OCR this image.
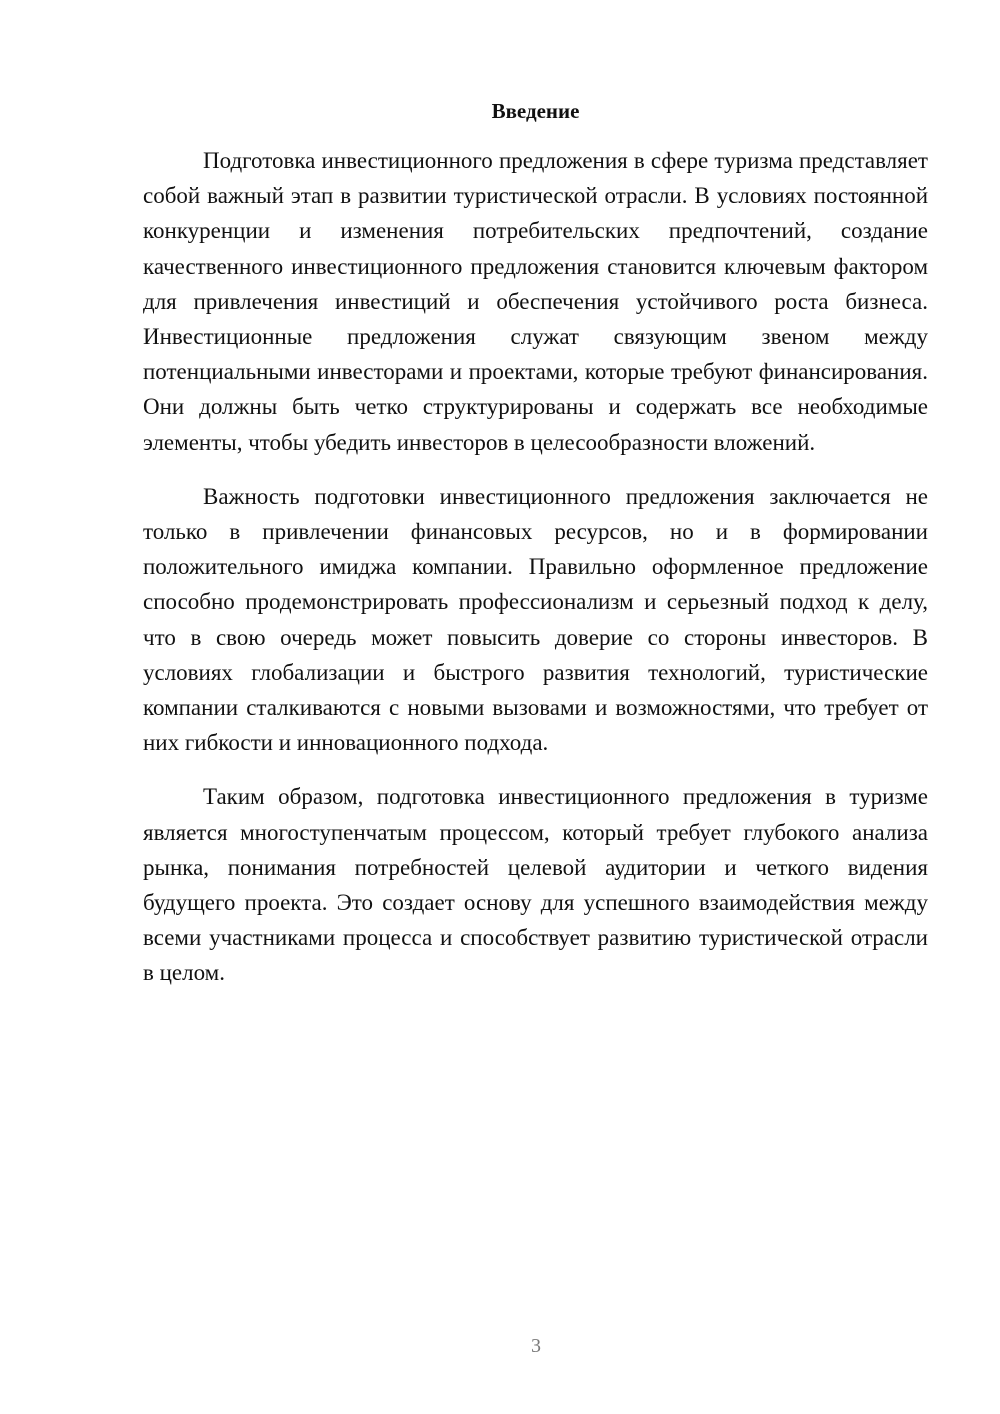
Введение

Подготовка инвестиционного предложения в сфере туризма представляет собой важный этап в развитии туристической отрасли. В условиях постоянной конкуренции и изменения потребительских предпочтений, создание качественного инвестиционного предложения становится ключевым фактором для привлечения инвестиций и обеспечения устойчивого роста бизнеса. Инвестиционные предложения служат связующим звеном между потенциальными инвесторами и проектами, которые требуют финансирования. Они должны быть четко структурированы и содержать все необходимые элементы, чтобы убедить инвесторов в целесообразности вложений.

Важность подготовки инвестиционного предложения заключается не только в привлечении финансовых ресурсов, но и в формировании положительного имиджа компании. Правильно оформленное предложение способно продемонстрировать профессионализм и серьезный подход к делу, что в свою очередь может повысить доверие со стороны инвесторов. В условиях глобализации и быстрого развития технологий, туристические компании сталкиваются с новыми вызовами и возможностями, что требует от них гибкости и инновационного подхода.

Таким образом, подготовка инвестиционного предложения в туризме является многоступенчатым процессом, который требует глубокого анализа рынка, понимания потребностей целевой аудитории и четкого видения будущего проекта. Это создает основу для успешного взаимодействия между всеми участниками процесса и способствует развитию туристической отрасли в целом.

3
